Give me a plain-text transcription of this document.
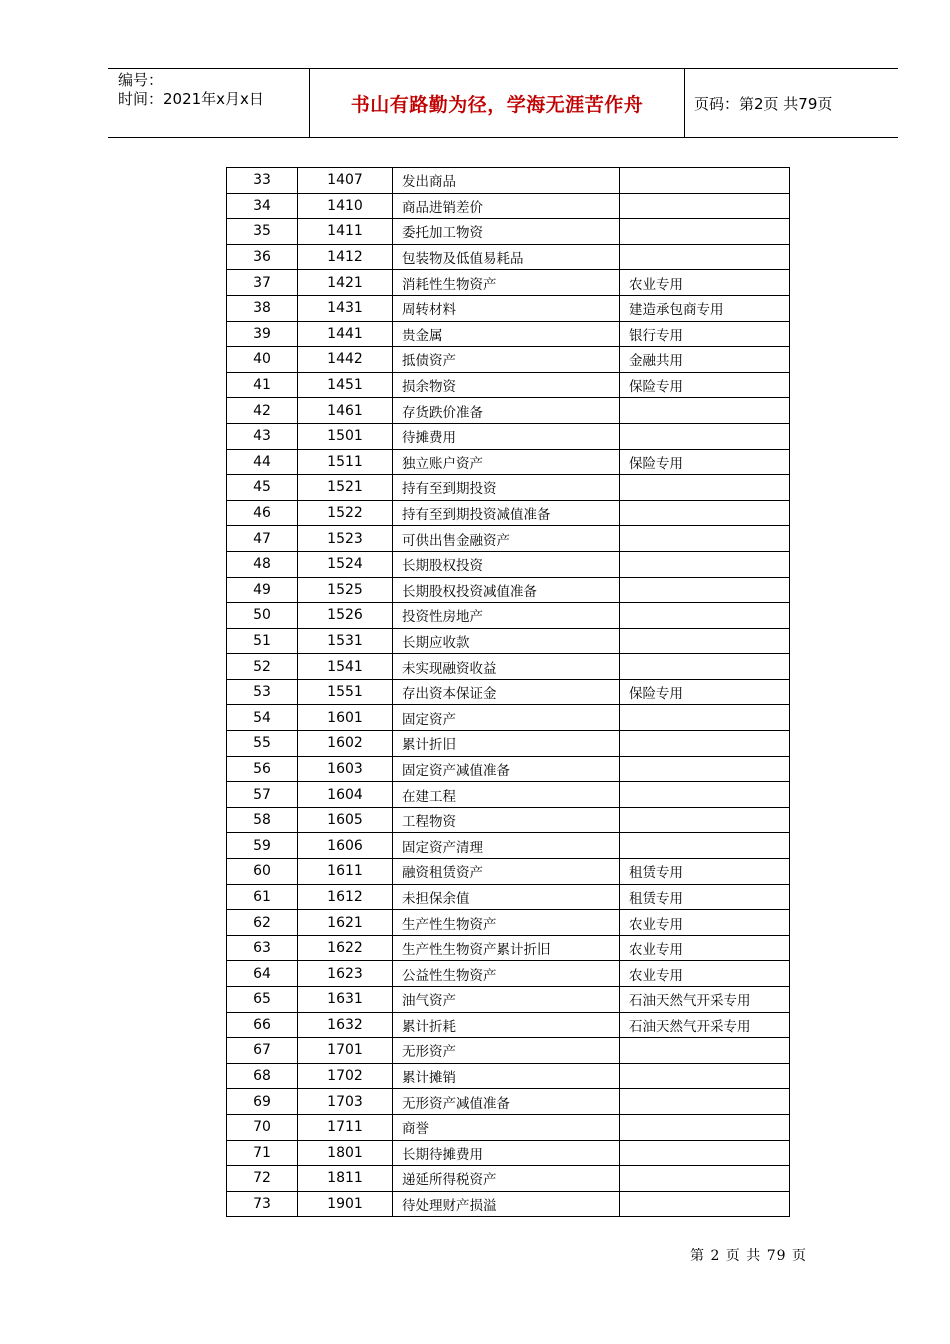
编号：
时间：2021年x月x日	书山有路勤为径，学海无涯苦作舟	页码：第2页 共79页
33	1407	发出商品	
34	1410	商品进销差价	
35	1411	委托加工物资	
36	1412	包装物及低值易耗品	
37	1421	消耗性生物资产	农业专用
38	1431	周转材料	建造承包商专用
39	1441	贵金属	银行专用
40	1442	抵债资产	金融共用
41	1451	损余物资	保险专用
42	1461	存货跌价准备	
43	1501	待摊费用	
44	1511	独立账户资产	保险专用
45	1521	持有至到期投资	
46	1522	持有至到期投资减值准备	
47	1523	可供出售金融资产	
48	1524	长期股权投资	
49	1525	长期股权投资减值准备	
50	1526	投资性房地产	
51	1531	长期应收款	
52	1541	未实现融资收益	
53	1551	存出资本保证金	保险专用
54	1601	固定资产	
55	1602	累计折旧	
56	1603	固定资产减值准备	
57	1604	在建工程	
58	1605	工程物资	
59	1606	固定资产清理	
60	1611	融资租赁资产	租赁专用
61	1612	未担保余值	租赁专用
62	1621	生产性生物资产	农业专用
63	1622	生产性生物资产累计折旧	农业专用
64	1623	公益性生物资产	农业专用
65	1631	油气资产	石油天然气开采专用
66	1632	累计折耗	石油天然气开采专用
67	1701	无形资产	
68	1702	累计摊销	
69	1703	无形资产减值准备	
70	1711	商誉	
71	1801	长期待摊费用	
72	1811	递延所得税资产	
73	1901	待处理财产损溢	
第 2 页 共 79 页
